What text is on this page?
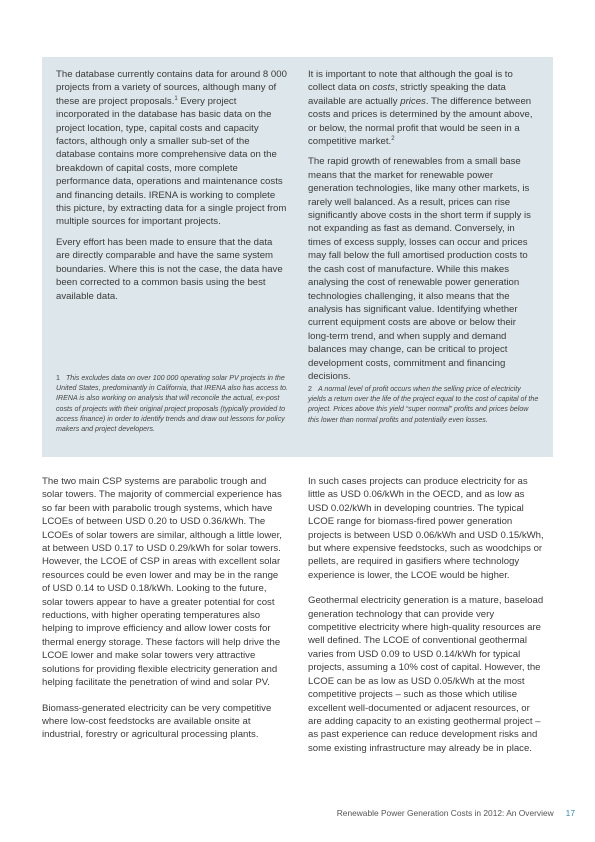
The database currently contains data for around 8 000 projects from a variety of sources, although many of these are project proposals.$^1$ Every project incorporated in the database has basic data on the project location, type, capital costs and capacity factors, although only a smaller sub-set of the database contains more comprehensive data on the breakdown of capital costs, more complete performance data, operations and maintenance costs and financing details. IRENA is working to complete this picture, by extracting data for a single project from multiple sources for important projects.

Every effort has been made to ensure that the data are directly comparable and have the same system boundaries. Where this is not the case, the data have been corrected to a common basis using the best available data.

It is important to note that although the goal is to collect data on costs, strictly speaking the data available are actually prices. The difference between costs and prices is determined by the amount above, or below, the normal profit that would be seen in a competitive market.$^2$

The rapid growth of renewables from a small base means that the market for renewable power generation technologies, like many other markets, is rarely well balanced. As a result, prices can rise significantly above costs in the short term if supply is not expanding as fast as demand. Conversely, in times of excess supply, losses can occur and prices may fall below the full amortised production costs to the cash cost of manufacture. While this makes analysing the cost of renewable power generation technologies challenging, it also means that the analysis has significant value. Identifying whether current equipment costs are above or below their long-term trend, and when supply and demand balances may change, can be critical to project development costs, commitment and financing decisions.

1 This excludes data on over 100 000 operating solar PV projects in the United States, predominantly in California, that IRENA also has access to. IRENA is also working on analysis that will reconcile the actual, ex-post costs of projects with their original project proposals (typically provided to access finance) in order to identify trends and draw out lessons for policy makers and project developers.
2 A normal level of profit occurs when the selling price of electricity yields a return over the life of the project equal to the cost of capital of the project. Prices above this yield “super normal” profits and prices below this lower than normal profits and potentially even losses.

The two main CSP systems are parabolic trough and solar towers. The majority of commercial experience has so far been with parabolic trough systems, which have LCOEs of between USD 0.20 to USD 0.36/kWh. The LCOEs of solar towers are similar, although a little lower, at between USD 0.17 to USD 0.29/kWh for solar towers. However, the LCOE of CSP in areas with excellent solar resources could be even lower and may be in the range of USD 0.14 to USD 0.18/kWh. Looking to the future, solar towers appear to have a greater potential for cost reductions, with higher operating temperatures also helping to improve efficiency and allow lower costs for thermal energy storage. These factors will help drive the LCOE lower and make solar towers very attractive solutions for providing flexible electricity generation and helping facilitate the penetration of wind and solar PV.

Biomass-generated electricity can be very competitive where low-cost feedstocks are available onsite at industrial, forestry or agricultural processing plants.

In such cases projects can produce electricity for as little as USD 0.06/kWh in the OECD, and as low as USD 0.02/kWh in developing countries. The typical LCOE range for biomass-fired power generation projects is between USD 0.06/kWh and USD 0.15/kWh, but where expensive feedstocks, such as woodchips or pellets, are required in gasifiers where technology experience is lower, the LCOE would be higher.

Geothermal electricity generation is a mature, baseload generation technology that can provide very competitive electricity where high-quality resources are well defined. The LCOE of conventional geothermal varies from USD 0.09 to USD 0.14/kWh for typical projects, assuming a 10% cost of capital. However, the LCOE can be as low as USD 0.05/kWh at the most competitive projects – such as those which utilise excellent well-documented or adjacent resources, or are adding capacity to an existing geothermal project – as past experience can reduce development risks and some existing infrastructure may already be in place.

Renewable Power Generation Costs in 2012: An Overview 17
